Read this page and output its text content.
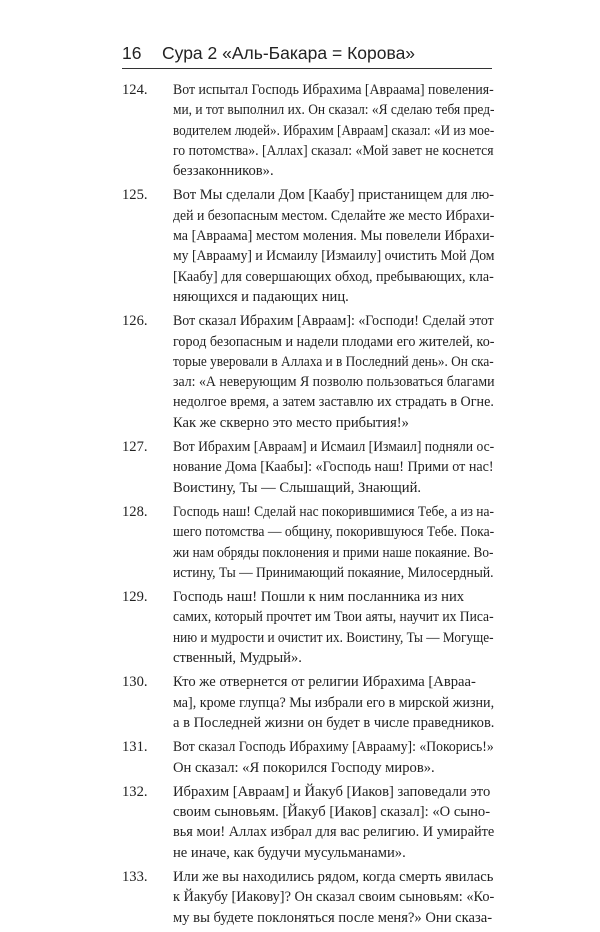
16 Сура 2 «Аль-Бакара = Корова»
124. Вот испытал Господь Ибрахима [Авраама] повеления-
ми, и тот выполнил их. Он сказал: «Я сделаю тебя пред-
водителем людей». Ибрахим [Авраам] сказал: «И из мое-
го потомства». [Аллах] сказал: «Мой завет не коснется
беззаконников».
125. Вот Мы сделали Дом [Каабу] пристанищем для лю-
дей и безопасным местом. Сделайте же место Ибрахи-
ма [Авраама] местом моления. Мы повелели Ибрахи-
му [Аврааму] и Исмаилу [Измаилу] очистить Мой Дом
[Каабу] для совершающих обход, пребывающих, кла-
няющихся и падающих ниц.
126. Вот сказал Ибрахим [Авраам]: «Господи! Сделай этот
город безопасным и надели плодами его жителей, ко-
торые уверовали в Аллаха и в Последний день». Он ска-
зал: «А неверующим Я позволю пользоваться благами
недолгое время, а затем заставлю их страдать в Огне.
Как же скверно это место прибытия!»
127. Вот Ибрахим [Авраам] и Исмаил [Измаил] подняли ос-
нование Дома [Каабы]: «Господь наш! Прими от нас!
Воистину, Ты — Слышащий, Знающий.
128. Господь наш! Сделай нас покорившимися Тебе, а из на-
шего потомства — общину, покорившуюся Тебе. Пока-
жи нам обряды поклонения и прими наше покаяние. Во-
истину, Ты — Принимающий покаяние, Милосердный.
129. Господь наш! Пошли к ним посланника из них
самих, который прочтет им Твои аяты, научит их Писа-
нию и мудрости и очистит их. Воистину, Ты — Могуще-
ственный, Мудрый».
130. Кто же отвернется от религии Ибрахима [Авраа-
ма], кроме глупца? Мы избрали его в мирской жизни,
а в Последней жизни он будет в числе праведников.
131. Вот сказал Господь Ибрахиму [Аврааму]: «Покорись!»
Он сказал: «Я покорился Господу миров».
132. Ибрахим [Авраам] и Йакуб [Иаков] заповедали это
своим сыновьям. [Йакуб [Иаков] сказал]: «О сыно-
вья мои! Аллах избрал для вас религию. И умирайте
не иначе, как будучи мусульманами».
133. Или же вы находились рядом, когда смерть явилась
к Йакубу [Иакову]? Он сказал своим сыновьям: «Ко-
му вы будете поклоняться после меня?» Они сказа-
